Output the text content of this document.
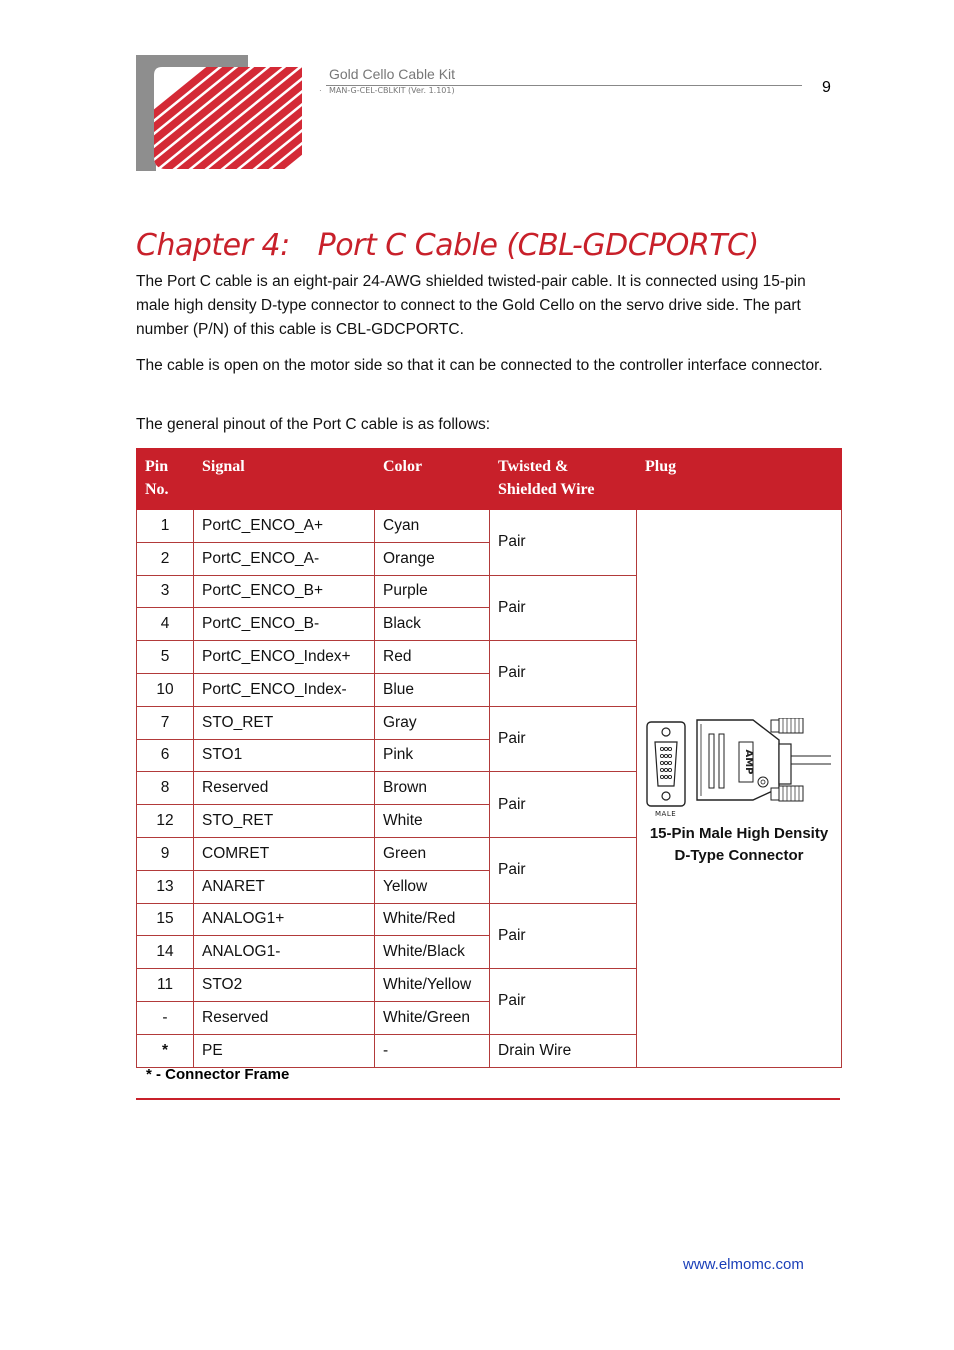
Gold Cello Cable Kit
· MAN-G-CEL-CBLKIT (Ver. 1.101)	9
Chapter 4: Port C Cable (CBL-GDCPORTC)
The Port C cable is an eight-pair 24-AWG shielded twisted-pair cable. It is connected using 15-pin male high density D-type connector to connect to the Gold Cello on the servo drive side. The part number (P/N) of this cable is CBL-GDCPORTC.
The cable is open on the motor side so that it can be connected to the controller interface connector.
The general pinout of the Port C cable is as follows:
Pin No.	Signal	Color	Twisted & Shielded Wire	Plug
1	PortC_ENCO_A+	Cyan	Pair	AMP
MALE
15-Pin Male High Density
D-Type Connector

2	PortC_ENCO_A-	Orange		
3	PortC_ENCO_B+	Purple	Pair	
4	PortC_ENCO_B-	Black		
5	PortC_ENCO_Index+	Red	Pair	
10	PortC_ENCO_Index-	Blue		
7	STO_RET	Gray	Pair	
6	STO1	Pink		
8	Reserved	Brown	Pair	
12	STO_RET	White		
9	COMRET	Green	Pair	
13	ANARET	Yellow		
15	ANALOG1+	White/Red	Pair	
14	ANALOG1-	White/Black		
11	STO2	White/Yellow	Pair	
-	Reserved	White/Green		
*	PE	-	Drain Wire	
* - Connector Frame
www.elmomc.com
